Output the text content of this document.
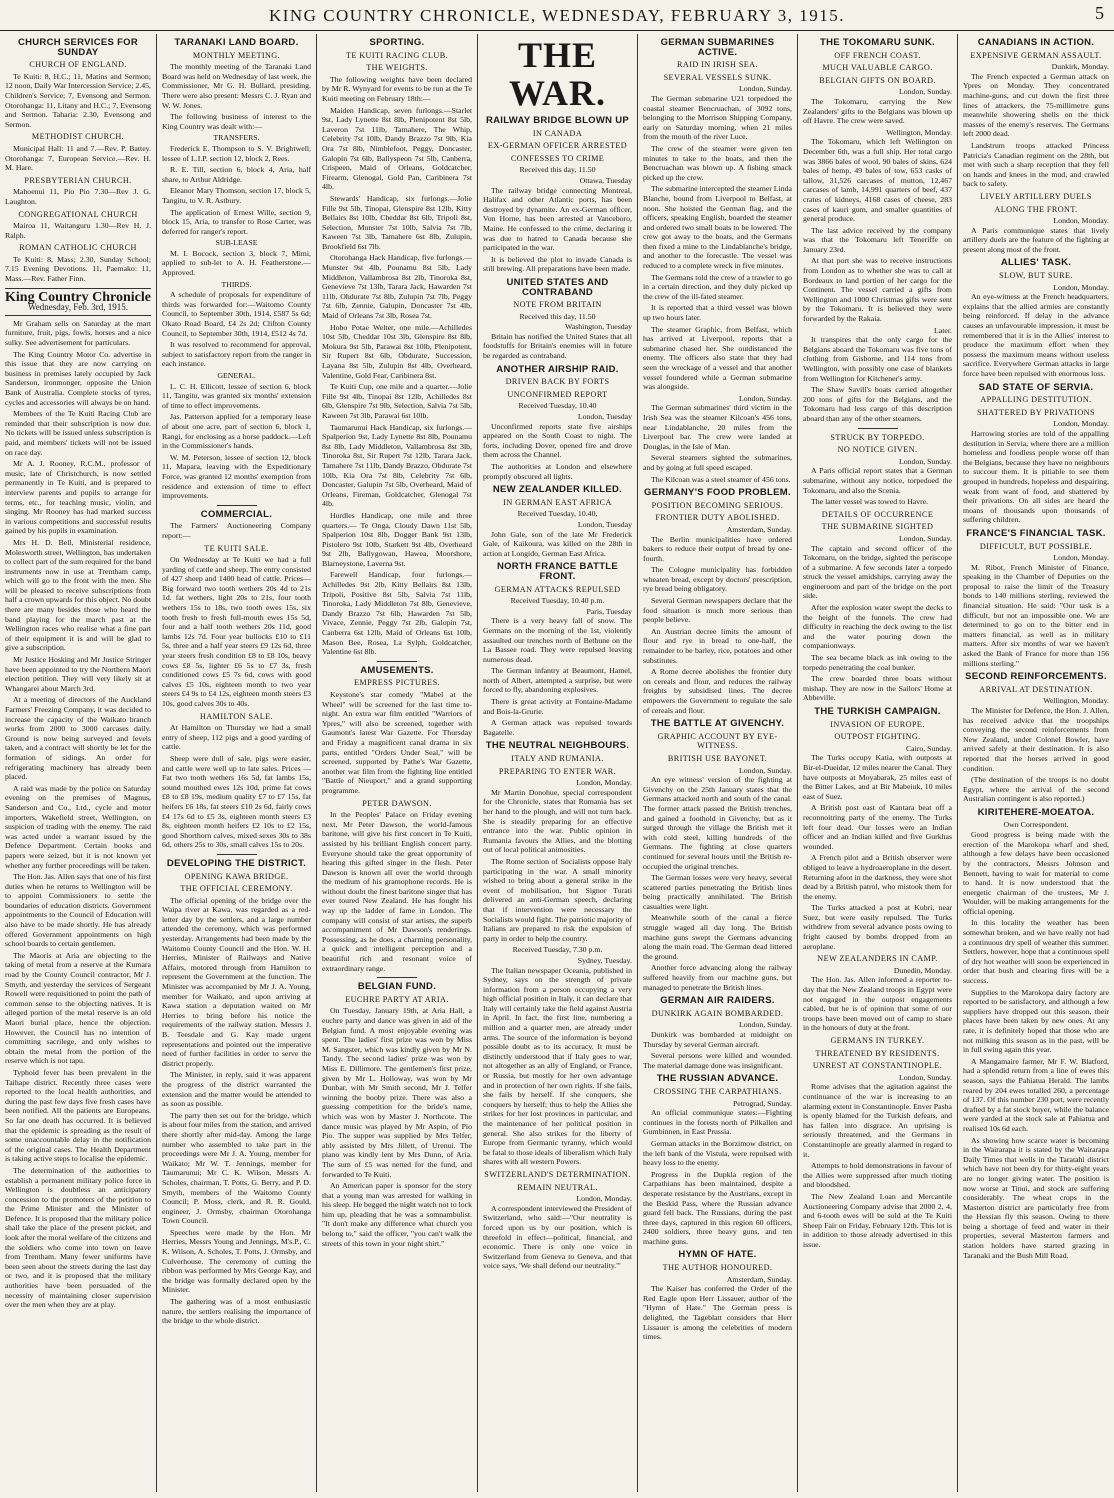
KING COUNTRY CHRONICLE, WEDNESDAY, FEBRUARY 3, 1915.	5
CHURCH SERVICES FOR SUNDAY
CHURCH OF ENGLAND.

Te Kuiti: 8, H.C.; 11, Matins and Sermon; 12 noon, Daily War Intercession Service; 2.45, Children's Service; 7, Evensong and Sermon. Otorohanga: 11, Litany and H.C.; 7, Evensong and Sermon. Taharia: 2.30, Evensong and Sermon.

METHODIST CHURCH.

Municipal Hall: 11 and 7.—Rev. P. Battey. Otorohanga: 7, European Service.—Rev. H. M. Hare.

PRESBYTERIAN CHURCH.

Mahoenui 11, Pio Pio 7.30—Rev J. G. Laughton.

CONGREGATIONAL CHURCH

Mairoa 11, Waitanguru 1.30—Rev H. J. Ralph.

ROMAN CATHOLIC CHURCH

Te Kuiti: 8, Mass; 2.30, Sunday School; 7.15 Evening Devotions. 11, Paemako: 11, Mass.—Rev. Father Finn.

King Country Chronicle
Wednesday, Feb. 3rd, 1915.

Mr Graham sells on Saturday at the mart furniture, fruit, pigs, fowls, horses and a nice sulky. See advertisement for particulars.

The King Country Motor Co. advertise in this issue that they are now carrying on business in premises lately occupied by Jack Sanderson, ironmonger, opposite the Union Bank of Australia. Complete stocks of tyres, cycles and accessories will always be on hand.

Members of the Te Kuiti Racing Club are reminded that their subscription is now due. No tickets will be issued unless subscription is paid, and members' tickets will not be issued on race day.

Mr A. J. Rooney, R.C.M., professor of music, late of Christchurch, is now settled permanently in Te Kuiti, and is prepared to interview parents and pupils to arrange for terms, etc., for teaching music, violin, and singing. Mr Rooney has had marked success in various competitions and successful results gained by his pupils in examination.

Mrs H. D. Bell, Ministerial residence, Molesworth street, Wellington, has undertaken to collect part of the sum required for the band instruments now in use at Trentham camp, which will go to the front with the men. She will be pleased to receive subscriptions from half a crown upwards for this object. No doubt there are many besides those who heard the band playing for the march past at the Wellington races who realise what a fine part of their equipment it is and will be glad to give a subscription.

Mr Justice Hosking and Mr Justice Stringer have been appointed to try the Northern Maori election petition. They will very likely sit at Whangarei about March 3rd.

At a meeting of directors of the Auckland Farmers' Freezing Company, it was decided to increase the capacity of the Waikato branch works from 2000 to 3000 carcases daily. Ground is now being surveyed and levels taken, and a contract will shortly be let for the formation of sidings. An order for refrigerating machinery has already been placed.

A raid was made by the police on Saturday evening on the premises of Magnus, Sanderson and Co., Ltd., cycle and motor importers, Wakefield street, Wellington, on suspicion of trading with the enemy. The raid was acted under a warrant issued by the Defence Department. Certain books and papers were seized, but it is not known yet whether any further proceedings will be taken.

The Hon. Jas. Allen says that one of his first duties when he returns to Wellington will be to appoint Commissioners to settle the boundaries of education districts. Government appointments to the Council of Education will also have to be made shortly. He has already offered Government appointments on high school boards to certain gentlemen.

The Maoris at Aria are objecting to the taking of metal from a reserve at the Kumara road by the County Council contractor, Mr J. Smyth, and yesterday the services of Sergeant Rowell were requisitioned to point the path of common sense to the objecting natives. It is alleged portion of the metal reserve is an old Maori burial place, hence the objection. However, the Council has no intention of committing sacrilege, and only wishes to obtain the metal from the portion of the reserve which is not tapu.

Typhoid fever has been prevalent in the Taihape district. Recently three cases were reported to the local health authorities, and during the past few days five fresh cases have been notified. All the patients are Europeans. So far one death has occurred. It is believed that the epidemic is spreading as the result of some unaccountable delay in the notification of the original cases. The Health Department is taking active steps to localise the epidemic.

The determination of the authorities to establish a permanent military police force in Wellington is doubtless an anticipatory concession to the promoters of the petition to the Prime Minister and the Minister of Defence. It is proposed that the military police shall take the place of the present picket, and look after the moral welfare of the citizens and the soldiers who come into town on leave from Trentham. Many fewer uniforms have been seen about the streets during the last day or two, and it is proposed that the military authorities have been persuaded of the necessity of maintaining closer supervision over the men when they are at play.

TARANAKI LAND BOARD.
MONTHLY MEETING.

The monthly meeting of the Taranaki Land Board was held on Wednesday of last week, the Commissioner, Mr G. H. Bullard, presiding. There were also present: Messrs C. J. Ryan and W. W. Jones.

The following business of interest to the King Country was dealt with:—

TRANSFERS.

Frederick E. Thompson to S. V. Brightwell, lessee of L.I.P. section 12, block 2, Rees.

R. E. Till, section 6, block 4, Aria, half share, to Arthur Aldridge.

Eleanor Mary Thomson, section 17, block 5, Tangitu, to V. R. Astbury.

The application of Ernest Wille, section 9, block 15, Aria, to transfer to Rose Carter, was deferred for ranger's report.

SUB-LEASE

M. I. Bocock, section 3, block 7, Mimi, applied to sub-let to A. H. Featherstone.—Approved.

THIRDS.

A schedule of proposals for expenditure of thirds was forwarded for:—Waitomo County Council, to September 30th, 1914, £587 5s 6d; Okato Road Board, £4 2s 2d; Clifton County Council, to September 30th, 1914, £512 4s 7d.

It was resolved to recommend for approval, subject to satisfactory report from the ranger in each instance.

GENERAL.

L. C. H. Ellicott, lessee of section 6, block 11, Tangitu, was granted six months' extension of time to effect improvements.

Jas. Patterson applied for a temporary lease of about one acre, part of section 6, block 1, Rangi, for enclosing as a horse paddock.—Left in the Commissioner's hands.

W. M. Peterson, lessee of section 12, block 11, Mapara, leaving with the Expeditionary Force, was granted 12 months' exemption from residence and extension of time to effect improvements.

COMMERCIAL.

The Farmers' Auctioneering Company report:—

TE KUITI SALE.

On Wednesday at Te Kuiti we had a full yarding of cattle and sheep. The entry consisted of 427 sheep and 1400 head of cattle. Prices—Big forward two tooth wethers 20s 4d to 21s 1d. fat wethers, light 20s to 21s, four tooth wethers 15s to 18s, two tooth ewes 15s, six tooth fresh to fresh full-mouth ewes 15s 5d, four and a half tooth wethers 20s 11d, good lambs 12s 7d. Four year bullocks £10 to £11 5s, three and a half year steers £9 12s 6d, three year steers fresh condition £8 to £8 10s, heavy cows £8 5s, lighter £6 5s to £7 3s, fresh conditioned cows £5 7s 6d, cows with good calves £5 10s, eighteen month to two year steers £4 9s to £4 12s, eighteen month steers £3 10s, good calves 30s to 40s.

HAMILTON SALE.

At Hamilton on Thursday we had a small entry of sheep, 112 pigs and a good yarding of cattle.

Sheep were dull of sale, pigs were easier, and cattle were well up to late sales. Prices — Fat two tooth wethers 16s 5d, fat lambs 15s, sound mouthed ewes 12s 10d, prime fat cows £8 to £8 19s, medium quality £7 to £7 15s, fat heifers £6 18s, fat steers £10 2s 6d, fairly cows £4 17s 6d to £5 3s, eighteen month steers £3 8s, eighteen month heifers £2 10s to £2 15s, good Shorthorn calves, mixed sexes 30s to 38s 6d, others 25s to 30s, small calves 15s to 20s.

DEVELOPING THE DISTRICT.
OPENING KAWA BRIDGE.
THE OFFICIAL CEREMONY.

The official opening of the bridge over the Waipa river at Kawa, was regarded as a red-letter day by the settlers, and a large number attended the ceremony, which was performed yesterday. Arrangements had been made by the Waitomo County Council and the Hon. W. H. Herries, Minister of Railways and Native Affairs, motored through from Hamilton to represent the Government at the function. The Minister was accompanied by Mr J. A. Young, member for Waikato, and upon arriving at Kawa station a deputation waited on Mr Herries to bring before his notice the requirements of the railway station. Messrs J. B. Teesdale and G. Kay made urgent representations and pointed out the imperative need of further facilities in order to serve the district properly.

The Minister, in reply, said it was apparent the progress of the district warranted the extension and the matter would be attended to as soon as possible.

The party then set out for the bridge, which is about four miles from the station, and arrived there shortly after mid-day. Among the large number who assembled to take part in the proceedings were Mr J. A. Young, member for Waikato; Mr W. T. Jennings, member for Taumarunui; Mr C. K. Wilson, Messrs A. Scholes, chairman, T. Potts, G. Berry, and P. D. Smyth, members of the Waitomo County Council; P. Moss, clerk, and R. R. Gould, engineer, J. Ormsby, chairman Otorohanga Town Council.

Speeches were made by the Hon. Mr Herries, Messrs Young and Jennings, M's.P., C. K. Wilson, A. Scholes, T. Potts, J. Ormsby, and Culverhouse. The ceremony of cutting the ribbon was performed by Mrs George Kay, and the bridge was formally declared open by the Minister.

The gathering was of a most enthusiastic nature, the settlers realising the importance of the bridge to the whole district.

SPORTING.
TE KUITI RACING CLUB.
THE WEIGHTS.

The following weights have been declared by Mr R. Wynyard for events to be run at the Te Kuiti meeting on February 18th:—

Maiden Handicap, seven furlongs.—Starlet 9st, Lady Lynette 8st 8lb, Plenipotent 8st 5lb, Laveron 7st 11lb, Tamahere, The Whip, Celebrity 7st 10lb, Dandy Brazzo 7st 9lb, Kia Ora 7st 8lb, Nimblefoot, Peggy, Doncaster, Galopin 7st 6lb, Ballyspeon 7st 5lb, Canberra, Crispeen, Maid of Orleans, Goldcatcher, Firearm, Glenogal, Gold Pan, Caribinera 7st 4lb.

Stewards' Handicap, six furlongs.—Jolie Fille 9st 5lb, Tinopai, Glenspire 8st 12lb, Kitty Bellairs 8st 10lb, Cheddar 8st 6lb, Tripoli 8st, Selection, Munster 7st 10lb, Salvia 7st 7lb, Kaween 7st 3lb, Tamahere 6st 8lb, Zulupin, Brookfield 6st 7lb.

Otorohanga Hack Handicap, five furlongs.—Munster 9st 4lb, Pounamu 8st 5lb, Lady Middleton, Vallambrosa 8st 2lb, Tinoroka 8st, Genevieve 7st 13lb, Tarara Jack, Hawarden 7st 11lb, Ohdurate 7st 8lb, Zulupin 7st 7lb, Peggy 7st 6lb, Zennie, Galupin, Doncaster 7st 4lb, Maid of Orleans 7st 3lb, Rosea 7st.

Hobo Potae Welter, one mile.—Achilledes 10st 5lb, Cheddar 10st 3lb, Glenspire 8st 8lb, Mokura 9st 5lb, Parawai 8st 10lb, Plenipotent, Sir Rupert 8st 6lb, Obdurate, Succession, Layana 8st 5lb, Zulupin 8st 4lb, Overheard, Valentine, Gold Fear, Caribinera 8st.

Te Kuiti Cup, one mile and a quarter.—Jolie Fille 9st 4lb, Tinopai 8st 12lb, Achilledes 8st 6lb, Glenspire 7st 9lb, Selection, Salvia 7st 5lb, Kaween 7st 3lb, Parawai 6st 10lb.

Taumarunui Hack Handicap, six furlongs.—Spalperion 9st, Lady Lynette 8st 8lb, Pounamu 8st 8lb, Lady Middleton, Vallambrosa 8st 3lb, Tinoroka 8st, Sir Rupert 7st 12lb, Tarara Jack, Tamahere 7st 11lb, Dandy Brazzo, Obdurate 7st 10lb, Kia Ora 7st 8lb, Celebrity 7st 6lb, Doncaster, Galupin 7st 5lb, Overheard, Maid of Orleans, Fireman, Goldcatcher, Glenogal 7st 4lb.

Hurdles Handicap, one mile and three quarters.— Te Onga, Cloudy Dawn 11st 5lb, Spalperion 10st 8lb, Dogger Bank 9st 13lb, Pistolero 9st 10lb, Starkett 9st 4lb, Overheard 9st 2lb, Ballygowan, Hawea, Moorshore, Blarneystone, Laverna 9st.

Farewell Handicap, four furlongs.—Achilledes 9st 2lb, Kitty Bellairs 8st 13lb, Tripoli, Positive 8st 5lb, Salvia 7st 11lb, Tinoroka, Lady Middleton 7st 8lb, Genevieve, Dandy Brazzo 7st 6lb, Hawarden 7st 5lb, Vivace, Zennie, Peggy 7st 2lb, Galopin 7st, Canberra 6st 12lb, Maid of Orleans 6st 10lb, Mason Bee, Rosea, La Sylph, Goldcatcher, Valentine 6st 8lb.

AMUSEMENTS.
EMPRESS PICTURES.

Keystone's star comedy "Mabel at the Wheel" will be screened for the last time to-night. An extra war film entitled "Warriors of Ypres," will also be screened, together with Gaumont's latest War Gazette. For Thursday and Friday a magnificent canal drama in six parts, entitled "Orders Under Seal," will be screened, supported by Pathe's War Gazette, another war film from the fighting line entitled "Battle of Nieuport," and a grand supporting programme.

PETER DAWSON.

In the Peoples' Palace on Friday evening next, Mr Peter Dawson, the world-famous baritone, will give his first concert in Te Kuiti, assisted by his brilliant English concert party. Everyone should take the great opportunity of hearing this gifted singer in the flesh. Peter Dawson is known all over the world through the medium of his gramophone records. He is without doubt the finest baritone singer that has ever toured New Zealand. He has fought his way up the ladder of fame in London. The company will consist of star artists, the superb accompaniment of Mr Dawson's renderings. Possessing, as he does, a charming personality, a quick and intelligent perception and a beautiful rich and resonant voice of extraordinary range.

BELGIAN FUND.
EUCHRE PARTY AT ARIA.

On Tuesday, January 19th, at Aria Hall, a euchre party and dance was given in aid of the Belgian fund. A most enjoyable evening was spent. The ladies' first prize was won by Miss M. Sangster, which was kindly given by Mr N. Tandy. The second ladies' prize was won by Miss E. Dillimore. The gentlemen's first prize, given by Mr L. Holloway, was won by Mr Dunbar, with Mr Smith second, Mr J. Telfer winning the booby prize. There was also a guessing competition for the bride's name, which was won by Master J. Northcote. The dance music was played by Mr Aspin, of Pio Pio. The supper was supplied by Mrs Telfer, ably assisted by Mrs Jillett, of Urenui. The piano was kindly lent by Mrs Dunn, of Aria. The sum of £5 was netted for the fund, and forwarded to Te Kuiti.

An American paper is sponsor for the story that a young man was arrested for walking in his sleep. He begged the night watch not to lock him up, pleading that he was a somnambulist. "It don't make any difference what church you belong to," said the officer, "you can't walk the streets of this town in your night shirt."

THE WAR.
RAILWAY BRIDGE BLOWN UP
IN CANADA
EX-GERMAN OFFICER ARRESTED
CONFESSES TO CRIME
Received this day, 11.50

Ottawa, Tuesday

The railway bridge connecting Montreal, Halifax and other Atlantic ports, has been destroyed by dynamite. An ex-German officer, Von Horne, has been arrested at Vanceboro, Maine. He confessed to the crime, declaring it was due to hatred to Canada because she participated in the war.

It is believed the plot to invade Canada is still brewing. All preparations have been made.

UNITED STATES AND CONTRABAND
NOTE FROM BRITAIN
Received this day, 11.50

Washington, Tuesday

Britain has notified the United States that all foodstuffs for Britain's enemies will in future be regarded as contraband.

ANOTHER AIRSHIP RAID.
DRIVEN BACK BY FORTS
UNCONFIRMED REPORT
Received Tuesday, 10.40

London, Tuesday

Unconfirmed reports state five airships appeared on the South Coast to night. The forts, including Dover, opened fire and drove them across the Channel.

The authorities at London and elsewhere promptly obscured all lights.

NEW ZEALANDER KILLED.
IN GERMAN EAST AFRICA
Received Tuesday, 10.40,

London, Tuesday

John Gale, son of the late Mr Frederick Gale, of Kaikoura, was killed on the 28th in action at Longido, German East Africa.

NORTH FRANCE BATTLE FRONT.
GERMAN ATTACKS REPULSED
Received Tuesday, 10.40 p.m.

Paris, Tuesday

There is a very heavy fall of snow. The Germans on the morning of the 1st, violently assaulted our trenches north of Bethune on the La Bassee road. They were repulsed leaving numerous dead.

The German infantry at Beaumont, Hamel, north of Albert, attempted a surprise, but were forced to fly, abandoning explosives.

There is great activity at Fontaine-Madame and Bois-la-Grurie.

A German attack was repulsed towards Bagatelle.

THE NEUTRAL NEIGHBOURS.
ITALY AND RUMANIA.
PREPARING TO ENTER WAR.

London, Monday.

Mr Martin Donohue, special correspondent for the Chronicle, states that Rumania has set her hand to the plough, and will not turn back. She is steadily preparing for an effective entrance into the war. Public opinion in Rumania favours the Allies, and the blotting out of local political animosities.

The Rome section of Socialists oppose Italy participating in the war. A small minority wished to bring about a general strike in the event of mobilisation, but Signor Turati delivered an anti-German speech, declaring that if intervention were necessary the Socialists would fight. The patriotic majority of Italians are prepared to risk the expulsion of party in order to help the country.

Received Tuesday, 7.30 p.m.

Sydney, Tuesday.

The Italian newspaper Oceania, published in Sydney, says on the strength of private information from a person occupying a very high official position in Italy, it can declare that Italy will certainly take the field against Austria in April. In fact, the first line, numbering a million and a quarter men, are already under arms. The source of the information is beyond possible doubt as to its accuracy. It must be distinctly understood that if Italy goes to war, not altogether as an ally of England, or France, or Russia, but mostly for her own advantage and in protection of her own rights. If she fails, she fails by herself. If she conquers, she conquers by herself; thus to help the Allies she strikes for her lost provinces in particular, and the maintenance of her political position in general. She also strikes for the liberty of Europe from Germanic tyranny, which would be fatal to those ideals of liberalism which Italy shares with all western Powers.

SWITZERLAND'S DETERMINATION.
REMAIN NEUTRAL.

London, Monday.

A correspondent interviewed the President of Switzerland, who said:—"Our neutrality is forced upon us by our position, which is threefold in effect—political, financial, and economic. There is only one voice in Switzerland from Geneva to Geneva, and that voice says, 'We shall defend our neutrality.'"

GERMAN SUBMARINES ACTIVE.
RAID IN IRISH SEA.
SEVERAL VESSELS SUNK.

London, Sunday.

The German submarine U21 torpedoed the coastal steamer Bencruachan, of 3092 tons, belonging to the Morrison Shipping Company, early on Saturday morning, when 21 miles from the mouth of the river Luce.

The crew of the steamer were given ten minutes to take to the boats, and then the Bencruachan was blown up. A fishing smack picked up the crew.

The submarine intercepted the steamer Linda Blanche, bound from Liverpool to Belfast, at noon. She hoisted the German flag, and the officers, speaking English, boarded the steamer and ordered two small boats to be lowered. The crew got away to the boats, and the Germans then fixed a mine to the Lindablanche's bridge, and another to the forecastle. The vessel was reduced to a complete wreck in five minutes.

The Germans told the crew of a trawler to go in a certain direction, and they duly picked up the crew of the ill-fated steamer.

It is reported that a third vessel was blown up two hours later.

The steamer Graphic, from Belfast, which has arrived at Liverpool, reports that a submarine chased her. She outdistanced the enemy. The officers also state that they had seen the wreckage of a vessel and that another vessel foundered while a German submarine was alongside.

London, Sunday.

The German submarines' third victim in the Irish Sea was the steamer Kilcoan's 456 tons, near Lindablanche, 20 miles from the Liverpool bar. The crew were landed at Douglas, in the Isle of Man.

Several steamers sighted the submarines, and by going at full speed escaped.

The Kilcoan was a steel steamer of 456 tons.

GERMANY'S FOOD PROBLEM.
POSITION BECOMING SERIOUS.
FRONTIER DUTY ABOLISHED.

Amsterdam, Sunday.

The Berlin municipalities have ordered bakers to reduce their output of bread by one-fourth.

The Cologne municipality has forbidden wheaten bread, except by doctors' prescription, rye bread being obligatory.

Several German newspapers declare that the food situation is much more serious than people believe.

An Austrian decree limits the amount of flour and rye in bread to one-half, the remainder to be barley, rice, potatoes and other substitutes.

A Rome decree abolishes the frontier duty on cereals and flour, and reduces the railway freights by subsidised lines. The decree empowers the Government to regulate the sale of cereals and flour.

THE BATTLE AT GIVENCHY.
GRAPHIC ACCOUNT BY EYE-WITNESS.
BRITISH USE BAYONET.

London, Sunday.

An eye witness' version of the fighting at Givenchy on the 25th January states that the Germans attacked north and south of the canal. The former attack passed the British trenches, and gained a foothold in Givenchy, but as it surged through the village the British met it with cold steel, killing hundreds of the Germans. The fighting at close quarters continued for several hours until the British re-occupied the original trenches.

The German losses were very heavy, several scattered parties penetrating the British lines being practically annihilated. The British casualties were light.

Meanwhile south of the canal a fierce struggle waged all day long. The British machine guns swept the Germans advancing along the main road. The German dead littered the ground.

Another force advancing along the railway suffered heavily from our machine guns, but managed to penetrate the British lines.

GERMAN AIR RAIDERS.
DUNKIRK AGAIN BOMBARDED.

London, Sunday.

Dunkirk was bombarded at midnight on Thursday by several German aircraft.

Several persons were killed and wounded. The material damage done was insignificant.

THE RUSSIAN ADVANCE.
CROSSING THE CARPATHIANS.

Petrograd, Sunday.

An official communique states:—Fighting continues in the forests north of Pilkallen and Gumbinnen, in East Prussia.

German attacks in the Borzimow district, on the left bank of the Vistula, were repulsed with heavy loss to the enemy.

Progress in the Dupkla region of the Carpathians has been maintained, despite a desperate resistance by the Austrians, except in the Beskid Pass, where the Russian advance guard fell back. The Russians, during the past three days, captured in this region 60 officers, 2400 soldiers, three heavy guns, and ten machine guns.

HYMN OF HATE.
THE AUTHOR HONOURED.

Amsterdam, Sunday.

The Kaiser has conferred the Order of the Red Eagle upon Herr Lissauer, author of the "Hymn of Hate." The German press is delighted, the Tageblatt considers that Herr Lissauer is among the celebrities of modern times.

THE TOKOMARU SUNK.
OFF FRENCH COAST.
MUCH VALUABLE CARGO.
BELGIAN GIFTS ON BOARD.

London, Sunday.

The Tokomaru, carrying the New Zealanders' gifts to the Belgians was blown up off Havre. The crew were saved.

Wellington, Monday.

The Tokomaru, which left Wellington on December 6th, was a full ship. Her total cargo was 3866 bales of wool, 90 bales of skins, 624 bales of hemp, 49 bales of tow, 653 casks of tallow, 31,526 carcases of mutton, 12,467 carcases of lamb, 14,991 quarters of beef, 437 crates of kidneys, 4168 cases of cheese, 283 cases of kauri gum, and smaller quantities of general produce.

The last advice received by the company was that the Tokomaru left Teneriffe on January 23rd.

At that port she was to receive instructions from London as to whether she was to call at Bordeaux to land portion of her cargo for the Continent. The vessel carried a gifts from Wellington and 1000 Christmas gifts were sent by the Tokomaru. It is believed they were forwarded by the Rakaia.

Later.

It transpires that the only cargo for the Belgians aboard the Tokomaru was five tons of clothing from Gisborne, and 114 tons from Wellington, with possibly one case of blankets from Wellington for Kitchener's army.

The Shaw Savill's boats carried altogether 200 tons of gifts for the Belgians, and the Tokomaru had less cargo of this description aboard than any of the other steamers.

STRUCK BY TORPEDO.
NO NOTICE GIVEN.

London, Sunday.

A Paris official report states that a German submarine, without any notice, torpedoed the Tokomaru, and also the Scenia.

The latter vessel was towed to Havre.

DETAILS OF OCCURRENCE
THE SUBMARINE SIGHTED

London, Sunday.

The captain and second officer of the Tokomaru, on the bridge, sighted the periscope of a submarine. A few seconds later a torpedo struck the vessel amidships, carrying away the engineroom and part of the bridge on the port side.

After the explosion water swept the decks to the height of the funnels. The crew had difficulty in reaching the deck owing to the list and the water pouring down the companionways.

The sea became black as ink owing to the torpedo penetrating the coal bunker.

The crew boarded three boats without mishap. They are now in the Sailors' Home at Abbeville.

THE TURKISH CAMPAIGN.
INVASION OF EUROPE.
OUTPOST FIGHTING.

Cairo, Sunday.

The Turks occupy Katia, with outposts at Bir-el-Dueidar, 12 miles nearer the Canal. They have outposts at Moyabarak, 25 miles east of the Bitter Lakes, and at Bir Mabeiuk, 10 miles east of Suez.

A British post east of Kantara beat off a reconnoitring party of the enemy. The Turks left four dead. Our losses were an Indian officer and an Indian killed and five Gurkhas wounded.

A French pilot and a British observer were obliged to leave a hydroaeroplane in the desert. Returning afoot in the darkness, they were shot dead by a British patrol, who mistook them for the enemy.

The Turks attacked a post at Kubri, near Suez, but were easily repulsed. The Turks withdrew from several advance posts owing to fright caused by bombs dropped from an aeroplane.

NEW ZEALANDERS IN CAMP.

Dunedin, Monday.

The Hon. Jas. Allen informed a reporter to-day that the New Zealand troops in Egypt were not engaged in the outpost engagements cabled, but he is of opinion that some of our troops have been moved out of camp to share in the honours of duty at the front.

GERMANS IN TURKEY.
THREATENED BY RESIDENTS.
UNREST AT CONSTANTINOPLE.

London, Sunday.

Rome advises that the agitation against the continuance of the war is increasing to an alarming extent in Constantinople. Enver Pasha is openly blamed for the Turkish defeats, and has fallen into disgrace. An uprising is seriously threatened, and the Germans in Constantinople are greatly alarmed in regard to it.

Attempts to hold demonstrations in favour of the Allies were suppressed after much rioting and bloodshed.

The New Zealand Loan and Mercantile Auctioneering Company advise that 2000 2, 4, and 6-tooth ewes will be sold at the Te Kuiti Sheep Fair on Friday, February 12th. This lot is in addition to those already advertised in this issue.

CANADIANS IN ACTION.
EXPENSIVE GERMAN ASSAULT.

Dunkirk, Monday.

The French expected a German attack on Ypres on Monday. They concentrated machine-guns, and cut down the first three lines of attackers, the 75-millimetre guns meanwhile showering shells on the thick masses of the enemy's reserves. The Germans left 2000 dead.

Landstrum troops attacked Princess Patricia's Canadian regiment on the 28th, but met with such a sharp reception that they fell on hands and knees in the mud, and crawled back to safety.

LIVELY ARTILLERY DUELS
ALONG THE FRONT.

London, Monday.

A Paris communique states that lively artillery duels are the feature of the fighting at present along most of the front.

ALLIES' TASK.
SLOW, BUT SURE.

London, Monday.

An eye-witness at the French headquarters, explains that the allied armies are constantly being reinforced. If delay in the advance causes an unfavourable impression, it must be remembered that it is in the Allies' interest to produce the maximum effort when they possess the maximum means without useless sacrifice. Everywhere German attacks in large force have been repulsed with enormous loss.

SAD STATE OF SERVIA.
APPALLING DESTITUTION.
SHATTERED BY PRIVATIONS

London, Monday.

Harrowing stories are told of the appalling destitution in Servia, where there are a million homeless and foodless people worse off than the Belgians, because they have no neighbours to succour them. It is pitiable to see them grouped in hundreds, hopeless and despairing, weak from want of food, and shattered by their privations. On all sides are heard the moans of thousands upon thousands of suffering children.

FRANCE'S FINANCIAL TASK.
DIFFICULT, BUT POSSIBLE.

London, Monday.

M. Ribot, French Minister of Finance, speaking in the Chamber of Deputies on the proposal to raise the limit of the Treasury bonds to 140 millions sterling, reviewed the financial situation. He said: "Our task is a difficult, but not an impossible one. We are determined to go on to the bitter end in matters financial, as well as in military matters. After six months of war we haven't asked the Bank of France for more than 156 millions sterling."

SECOND REINFORCEMENTS.
ARRIVAL AT DESTINATION.

Wellington, Monday.

The Minister for Defence, the Hon. J. Allen, has received advice that the troopships conveying the second reinforcements from New Zealand, under Colonel Bowler, have arrived safely at their destination. It is also reported that the horses arrived in good condition.

(The destination of the troops is no doubt Egypt, where the arrival of the second Australian contingent is also reported.)

KIRITEHERE-MOEATOA.
Own Correspondent.

Good progress is being made with the erection of the Marokopa wharf and shed, although a few delays have been occasioned by the contractors, Messrs Johnson and Bennett, having to wait for material to come to hand. It is now understood that the energetic chairman of the trustees, Mr J. Woulder, will be making arrangements for the official opening.

In this locality the weather has been somewhat broken, and we have really not had a continuous dry spell of weather this summer. Settlers, however, hope that a continuous spell of dry hot weather will soon be experienced in order that bush and clearing fires will be a success.

Supplies to the Marokopa dairy factory are reported to be satisfactory, and although a few suppliers have dropped out this season, their places have been taken by new ones. At any rate, it is definitely hoped that those who are not milking this season as in the past, will be in full swing again this year.

A Mangamaire farmer, Mr F. W. Blatford, had a splendid return from a line of ewes this season, says the Pahiatua Herald. The lambs reared by 204 ewes totalled 260, a percentage of 137. Of this number 230 port, were recently drafted by a fat stock buyer, while the balance were yarded at the stock sale at Pahiatua and realised 10s 6d each.

As showing how scarce water is becoming in the Wairarapa it is stated by the Wairarapa Daily Times that wells in the Taratahi district which have not been dry for thirty-eight years are no longer giving water. The position is now worse at Tinui, and stock are suffering considerably. The wheat crops in the Masterton district are particularly free from the Hessian fly this season. Owing to there being a shortage of feed and water in their properties, several Masterton farmers and station holders have started grazing in Taranaki and the Bush Mill Road.
